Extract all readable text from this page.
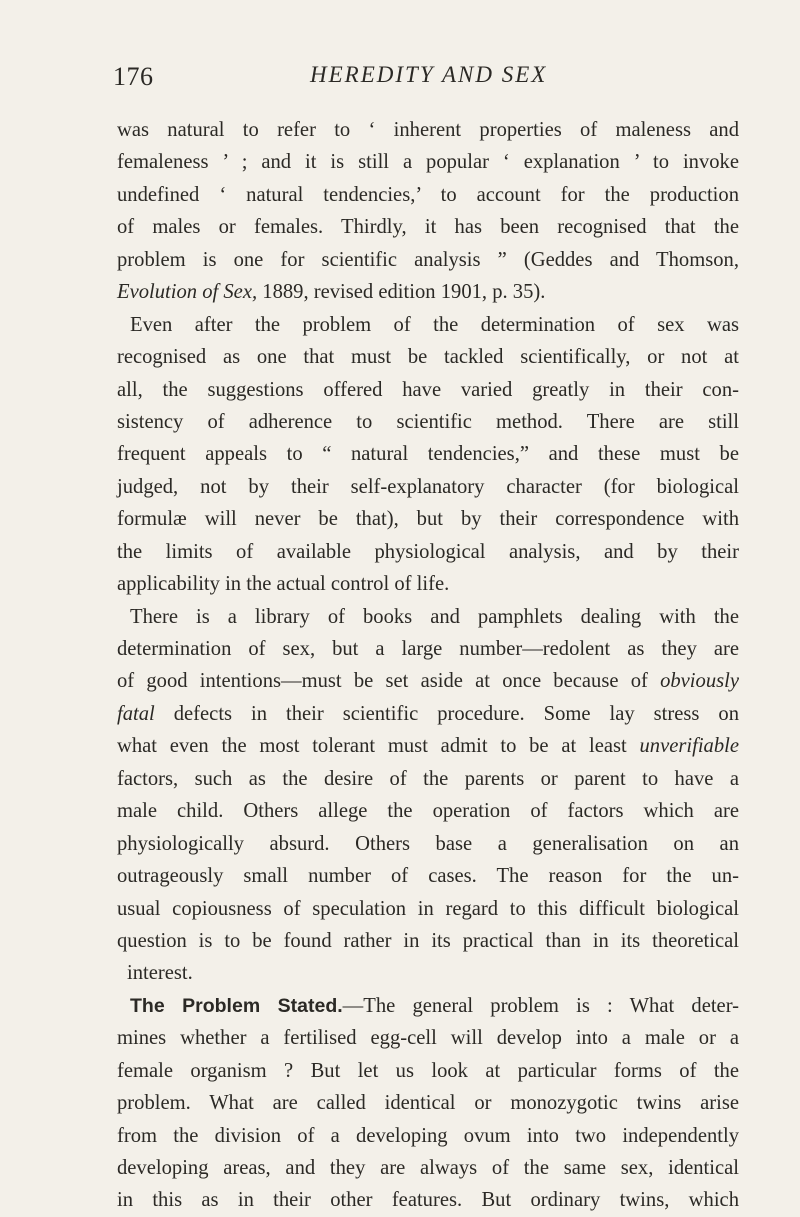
176	HEREDITY AND SEX
was natural to refer to ‘ inherent properties of maleness and
femaleness ’ ; and it is still a popular ‘ explanation ’ to invoke
undefined ‘ natural tendencies,’ to account for the production
of males or females. Thirdly, it has been recognised that the
problem is one for scientific analysis ” (Geddes and Thomson,
Evolution of Sex, 1889, revised edition 1901, p. 35).
Even after the problem of the determination of sex was
recognised as one that must be tackled scientifically, or not at
all, the suggestions offered have varied greatly in their con-
sistency of adherence to scientific method. There are still
frequent appeals to “ natural tendencies,” and these must be
judged, not by their self-explanatory character (for biological
formulæ will never be that), but by their correspondence with
the limits of available physiological analysis, and by their
applicability in the actual control of life.
There is a library of books and pamphlets dealing with the
determination of sex, but a large number—redolent as they are
of good intentions—must be set aside at once because of obviously
fatal defects in their scientific procedure. Some lay stress on
what even the most tolerant must admit to be at least unverifiable
factors, such as the desire of the parents or parent to have a
male child. Others allege the operation of factors which are
physiologically absurd. Others base a generalisation on an
outrageously small number of cases. The reason for the un-
usual copiousness of speculation in regard to this difficult biological
question is to be found rather in its practical than in its theoretical
interest.
The Problem Stated.—The general problem is : What deter-
mines whether a fertilised egg-cell will develop into a male or a
female organism ? But let us look at particular forms of the
problem. What are called identical or monozygotic twins arise
from the division of a developing ovum into two independently
developing areas, and they are always of the same sex, identical
in this as in their other features. But ordinary twins, which
